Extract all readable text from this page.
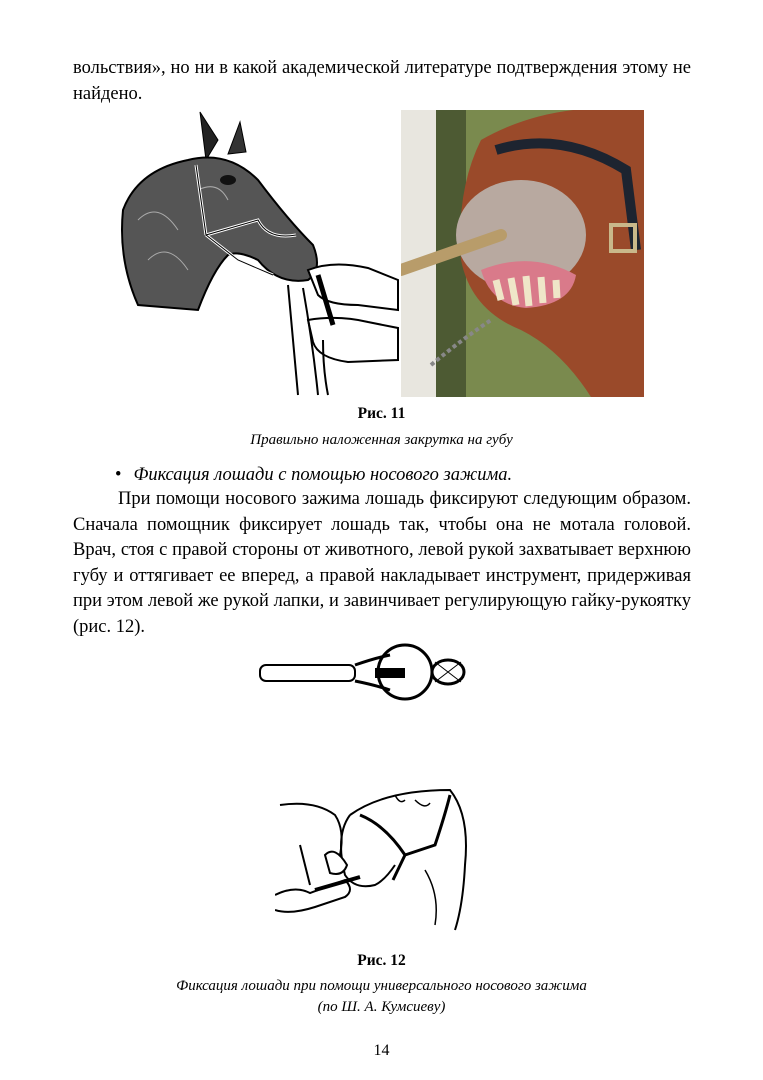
вольствия», но ни в какой академической литературе подтверждения этому не найдено.
Рис. 11
Правильно наложенная закрутка на губу
• Фиксация лошади с помощью носового зажима.
При помощи носового зажима лошадь фиксируют следующим образом. Сначала помощник фиксирует лошадь так, чтобы она не мотала головой. Врач, стоя с правой стороны от животного, левой рукой захватывает верхнюю губу и оттягивает ее вперед, а правой накладывает инструмент, придерживая при этом левой же рукой лапки, и завинчивает регулирующую гайку-рукоятку (рис. 12).
Рис. 12
Фиксация лошади при помощи универсального носового зажима
(по Ш. А. Кумсиеву)
14
